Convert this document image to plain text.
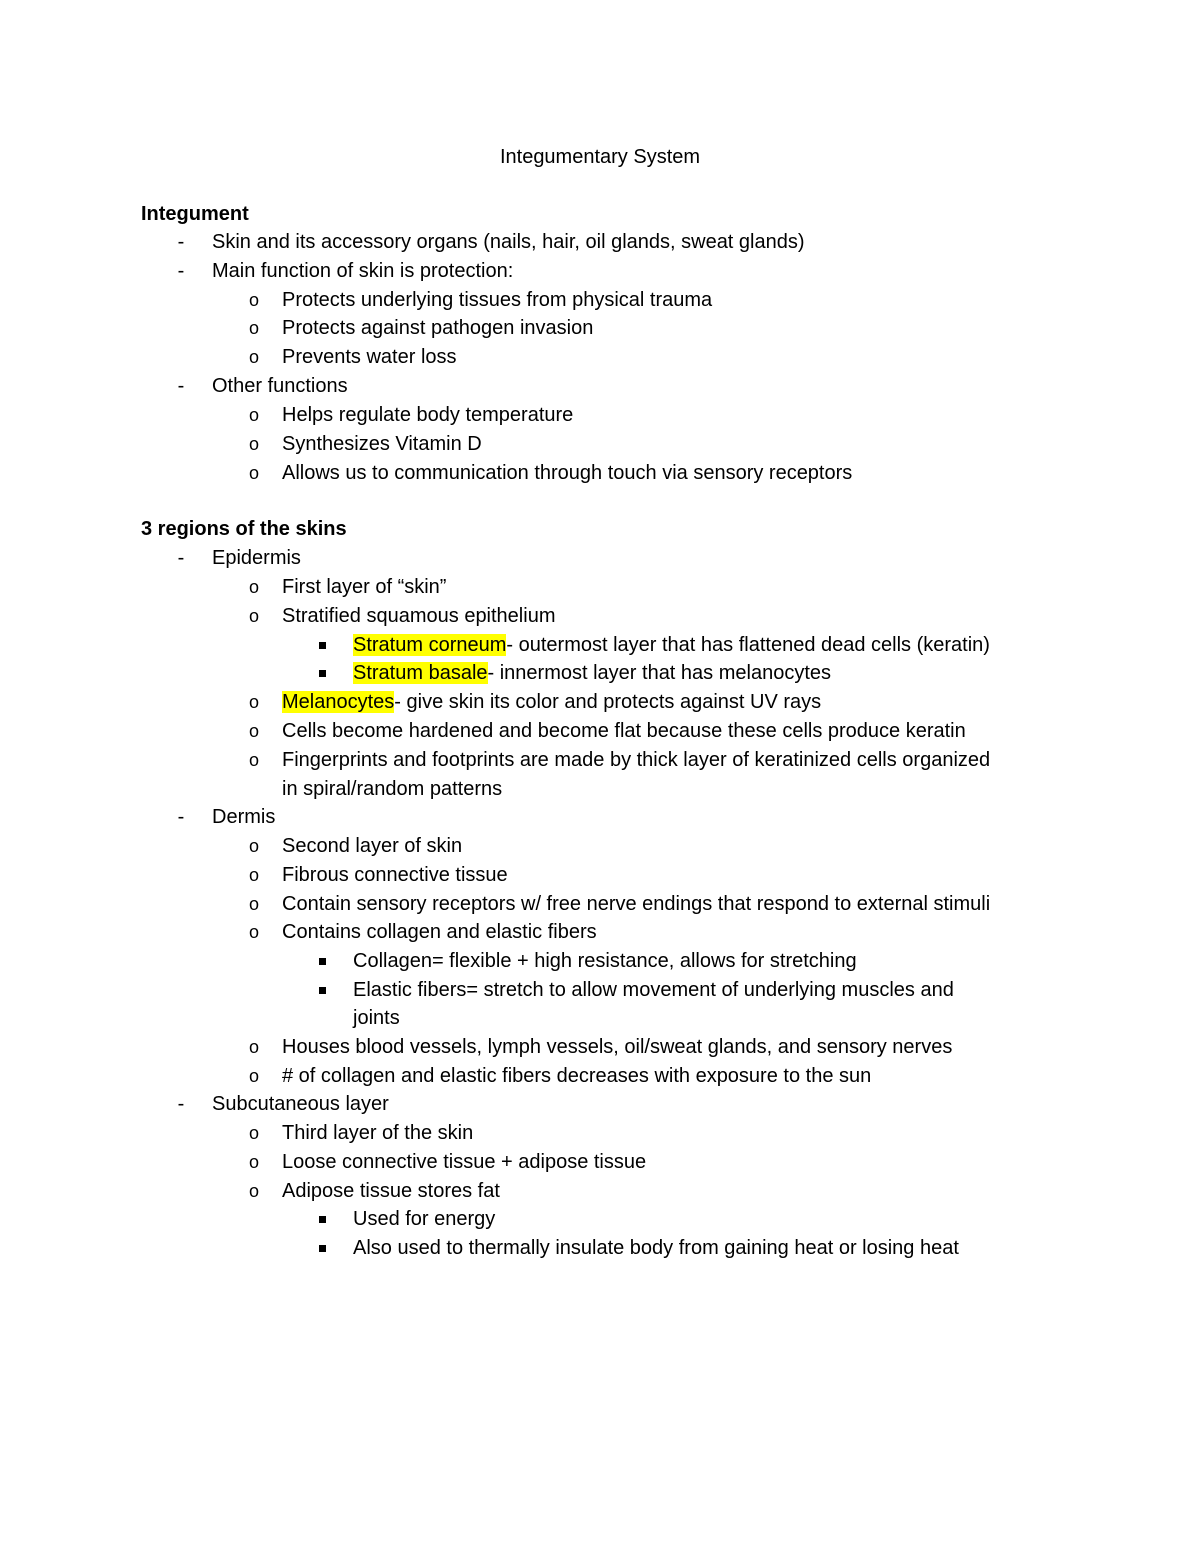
Integumentary System
Integument
- Skin and its accessory organs (nails, hair, oil glands, sweat glands)
- Main function of skin is protection:
o Protects underlying tissues from physical trauma
o Protects against pathogen invasion
o Prevents water loss
- Other functions
o Helps regulate body temperature
o Synthesizes Vitamin D
o Allows us to communication through touch via sensory receptors
3 regions of the skins
- Epidermis
o First layer of “skin”
o Stratified squamous epithelium
Stratum corneum- outermost layer that has flattened dead cells (keratin)
Stratum basale- innermost layer that has melanocytes
o Melanocytes- give skin its color and protects against UV rays
o Cells become hardened and become flat because these cells produce keratin
o Fingerprints and footprints are made by thick layer of keratinized cells organized
in spiral/random patterns
- Dermis
o Second layer of skin
o Fibrous connective tissue
o Contain sensory receptors w/ free nerve endings that respond to external stimuli
o Contains collagen and elastic fibers
Collagen= flexible + high resistance, allows for stretching
Elastic fibers= stretch to allow movement of underlying muscles and
joints
o Houses blood vessels, lymph vessels, oil/sweat glands, and sensory nerves
o # of collagen and elastic fibers decreases with exposure to the sun
- Subcutaneous layer
o Third layer of the skin
o Loose connective tissue + adipose tissue
o Adipose tissue stores fat
Used for energy
Also used to thermally insulate body from gaining heat or losing heat
